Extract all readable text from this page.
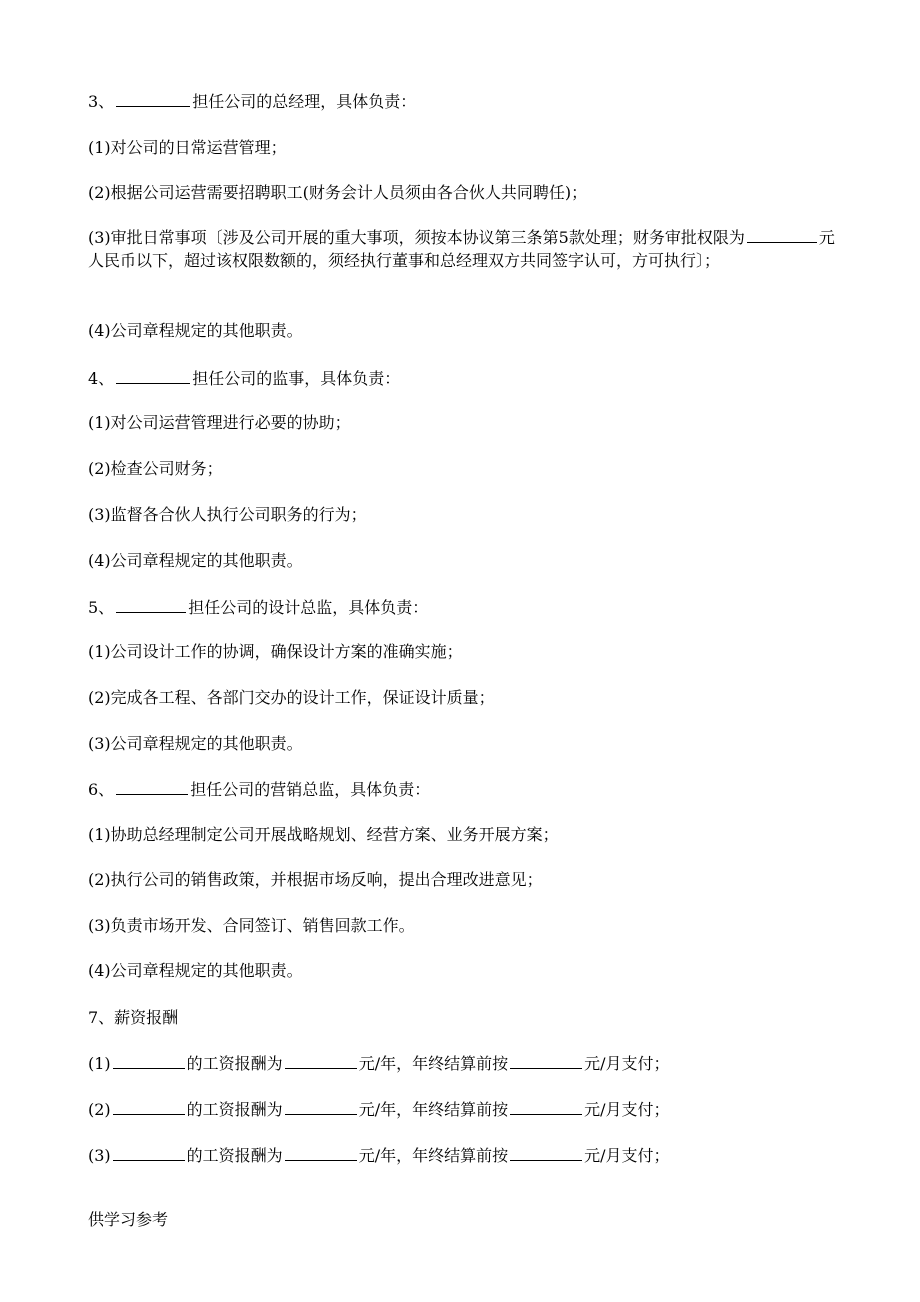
3、	担任公司的总经理，具体负责：
(1)对公司的日常运营管理；
(2)根据公司运营需要招聘职工(财务会计人员须由各合伙人共同聘任)；
(3)审批日常事项〔涉及公司开展的重大事项，须按本协议第三条第5款处理；财务审批权限为	元人民币以下，超过该权限数额的，须经执行董事和总经理双方共同签字认可，方可执行〕；
(4)公司章程规定的其他职责。
4、	担任公司的监事，具体负责：
(1)对公司运营管理进行必要的协助；
(2)检查公司财务；
(3)监督各合伙人执行公司职务的行为；
(4)公司章程规定的其他职责。
5、	担任公司的设计总监，具体负责：
(1)公司设计工作的协调，确保设计方案的准确实施；
(2)完成各工程、各部门交办的设计工作，保证设计质量；
(3)公司章程规定的其他职责。
6、	担任公司的营销总监，具体负责：
(1)协助总经理制定公司开展战略规划、经营方案、业务开展方案；
(2)执行公司的销售政策，并根据市场反响，提出合理改进意见；
(3)负责市场开发、合同签订、销售回款工作。
(4)公司章程规定的其他职责。
7、薪资报酬
(1)	的工资报酬为	元/年，年终结算前按	元/月支付；
(2)	的工资报酬为	元/年，年终结算前按	元/月支付；
(3)	的工资报酬为	元/年，年终结算前按	元/月支付；
供学习参考
